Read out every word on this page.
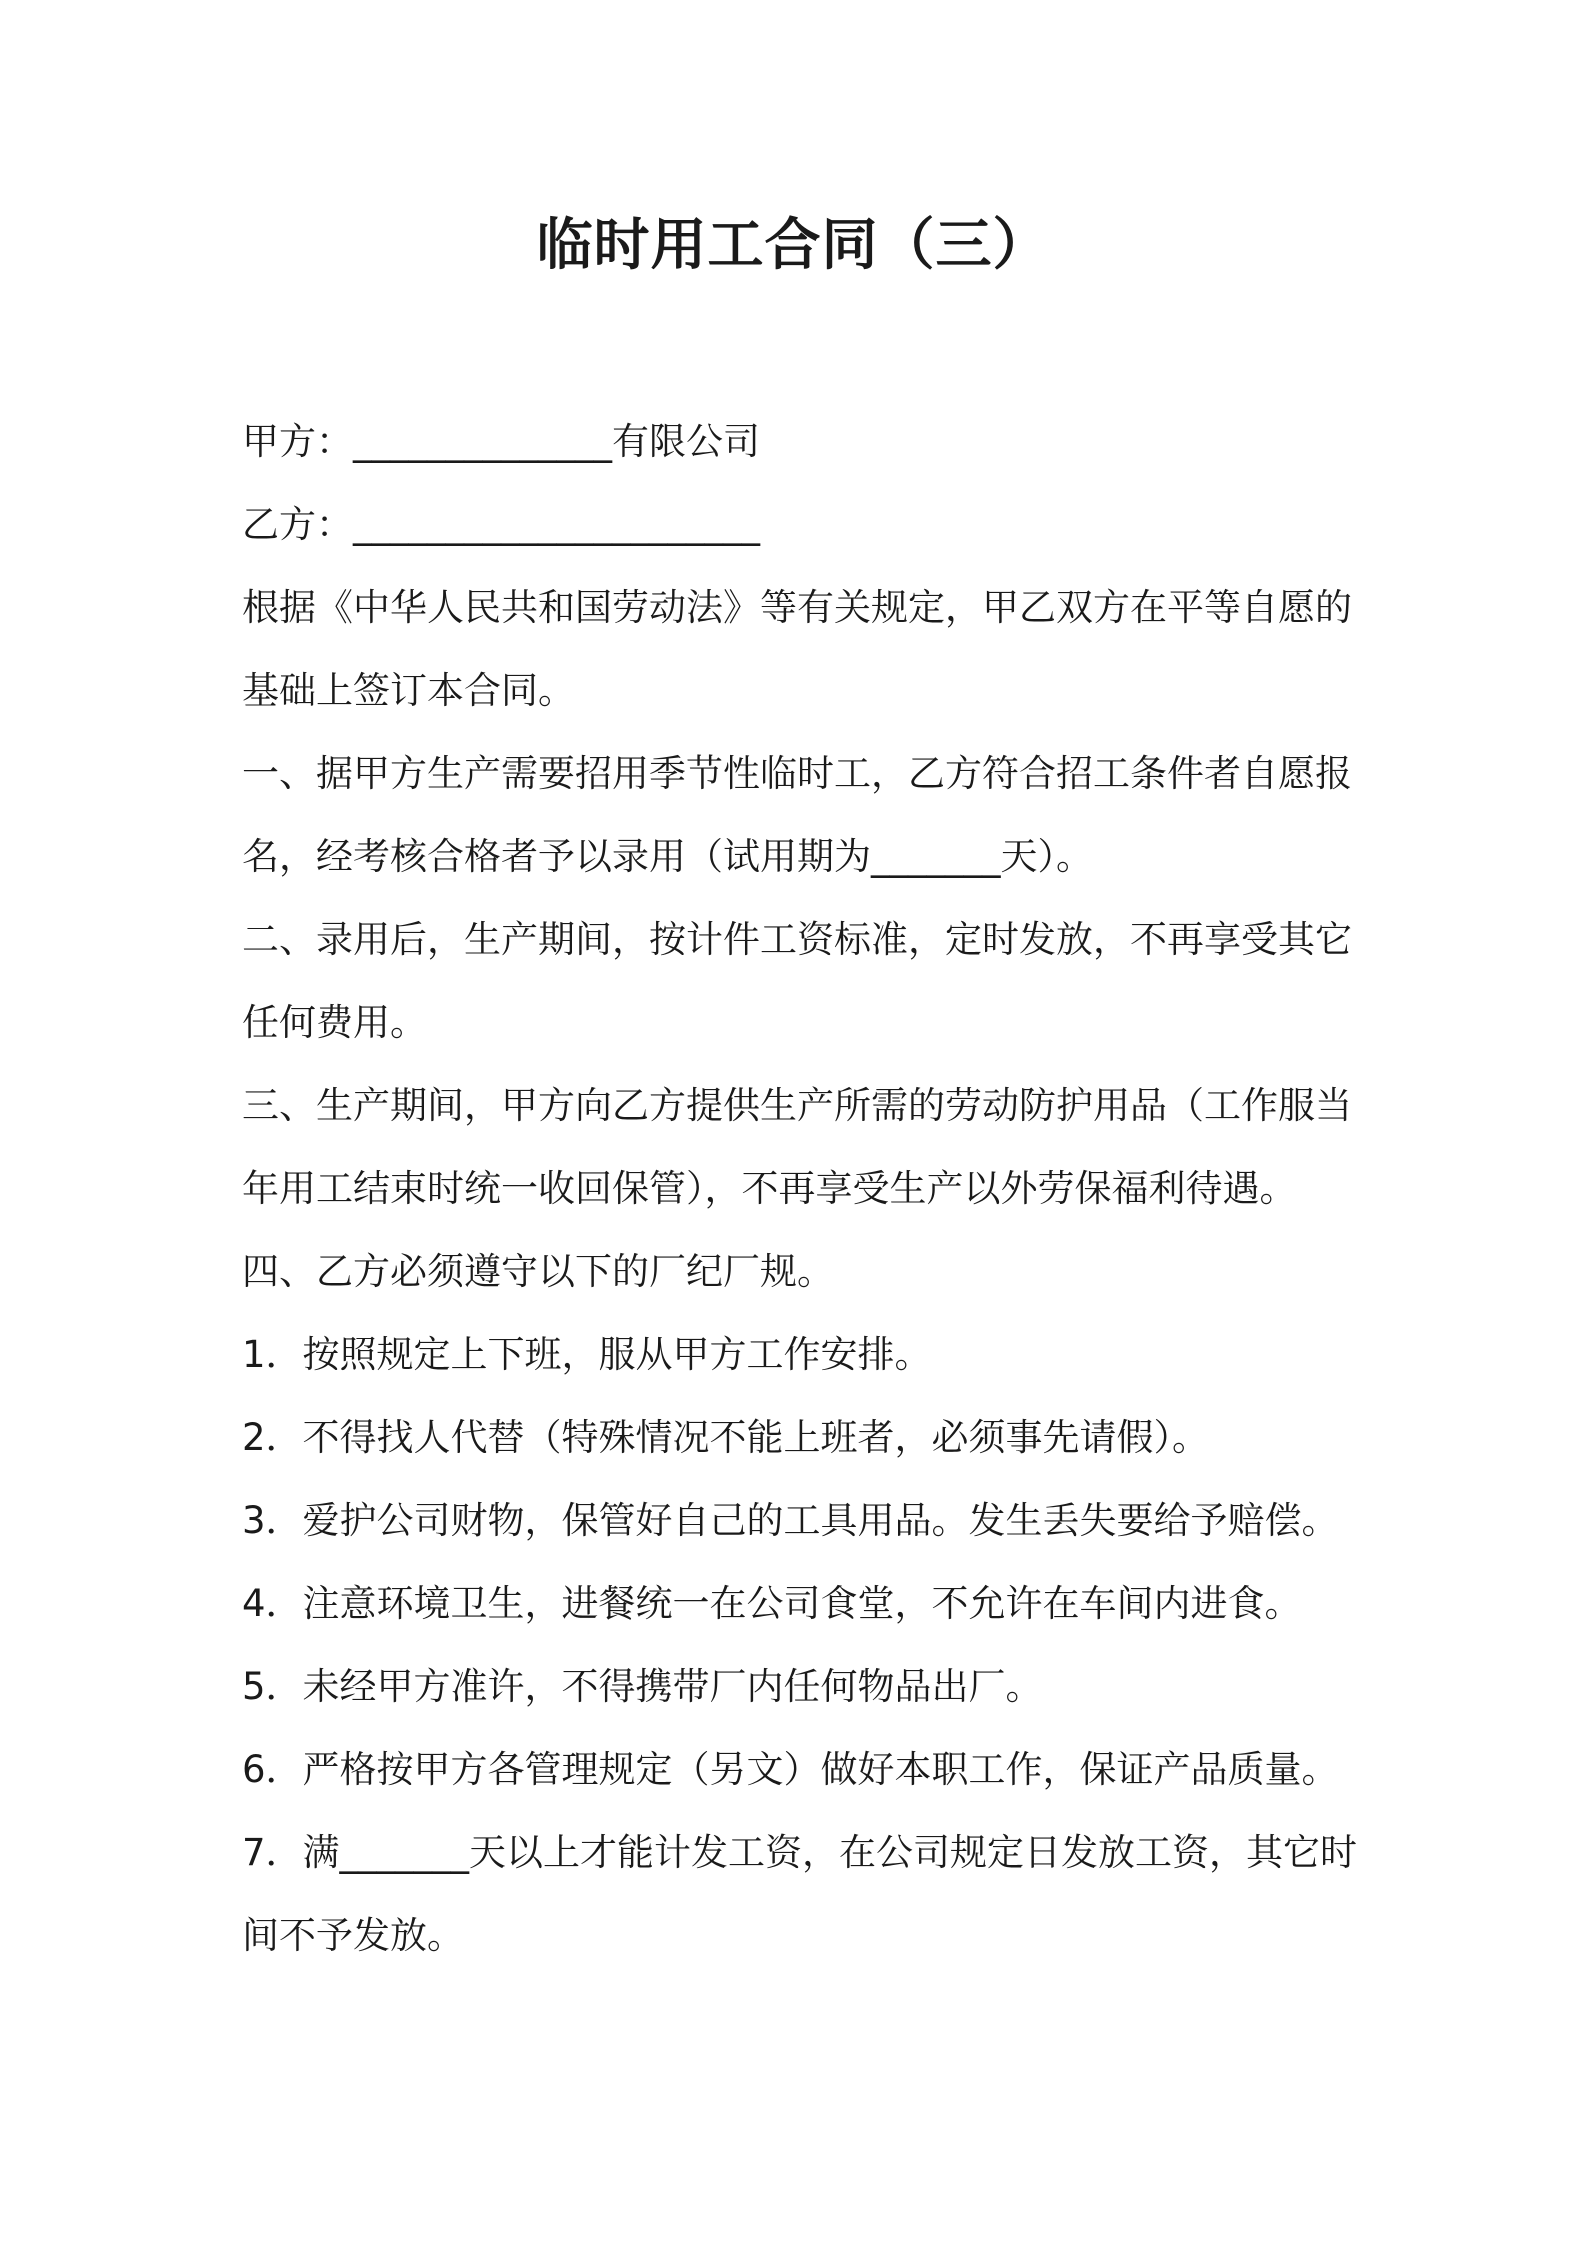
临时用工合同（三）

甲方：______________有限公司

乙方：______________________

根据《中华人民共和国劳动法》等有关规定，甲乙双方在平等自愿的基础上签订本合同。

一、据甲方生产需要招用季节性临时工，乙方符合招工条件者自愿报名，经考核合格者予以录用（试用期为_______天）。

二、录用后，生产期间，按计件工资标准，定时发放，不再享受其它任何费用。

三、生产期间，甲方向乙方提供生产所需的劳动防护用品（工作服当年用工结束时统一收回保管），不再享受生产以外劳保福利待遇。

四、乙方必须遵守以下的厂纪厂规。

1．按照规定上下班，服从甲方工作安排。

2．不得找人代替（特殊情况不能上班者，必须事先请假）。

3．爱护公司财物，保管好自己的工具用品。发生丢失要给予赔偿。

4．注意环境卫生，进餐统一在公司食堂，不允许在车间内进食。

5．未经甲方准许，不得携带厂内任何物品出厂。

6．严格按甲方各管理规定（另文）做好本职工作，保证产品质量。

7．满_______天以上才能计发工资，在公司规定日发放工资，其它时间不予发放。
